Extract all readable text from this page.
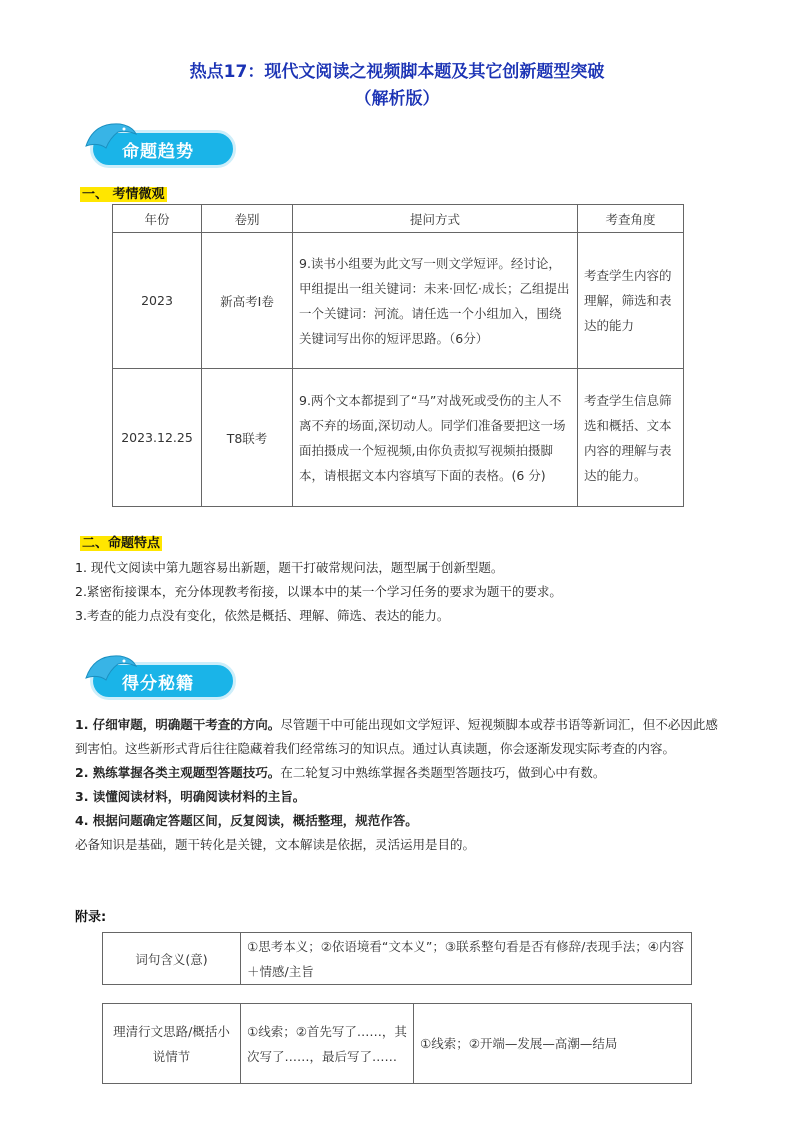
热点17：现代文阅读之视频脚本题及其它创新题型突破
（解析版）
命题趋势
一、 考情微观
年份	卷别	提问方式	考查角度
2023	新高考Ⅰ卷	9.读书小组要为此文写一则文学短评。经讨论，甲组提出一组关键词：未来·回忆·成长；乙组提出一个关键词：河流。请任选一个小组加入，围绕关键词写出你的短评思路。（6分）	考查学生内容的理解，筛选和表达的能力
2023.12.25	T8联考	9.两个文本都提到了“马”对战死或受伤的主人不离不弃的场面,深切动人。同学们准备要把这一场面拍摄成一个短视频,由你负责拟写视频拍摄脚本，请根据文本内容填写下面的表格。(6 分)	考查学生信息筛选和概括、文本内容的理解与表达的能力。
二、命题特点
1. 现代文阅读中第九题容易出新题，题干打破常规问法，题型属于创新型题。
2.紧密衔接课本，充分体现教考衔接，以课本中的某一个学习任务的要求为题干的要求。
3.考查的能力点没有变化，依然是概括、理解、筛选、表达的能力。
得分秘籍
1. 仔细审题，明确题干考查的方向。尽管题干中可能出现如文学短评、短视频脚本或荐书语等新词汇，但不必因此感到害怕。这些新形式背后往往隐藏着我们经常练习的知识点。通过认真读题，你会逐渐发现实际考查的内容。
2. 熟练掌握各类主观题型答题技巧。在二轮复习中熟练掌握各类题型答题技巧，做到心中有数。
3. 读懂阅读材料，明确阅读材料的主旨。
4. 根据问题确定答题区间，反复阅读，概括整理，规范作答。
必备知识是基础，题干转化是关键，文本解读是依据，灵活运用是目的。
附录:
词句含义(意)	①思考本义；②依语境看“文本义”；③联系整句看是否有修辞/表现手法；④内容＋情感/主旨
理清行文思路/概括小说情节	①线索；②首先写了……，其次写了……，最后写了……	①线索；②开端—发展—高潮—结局
